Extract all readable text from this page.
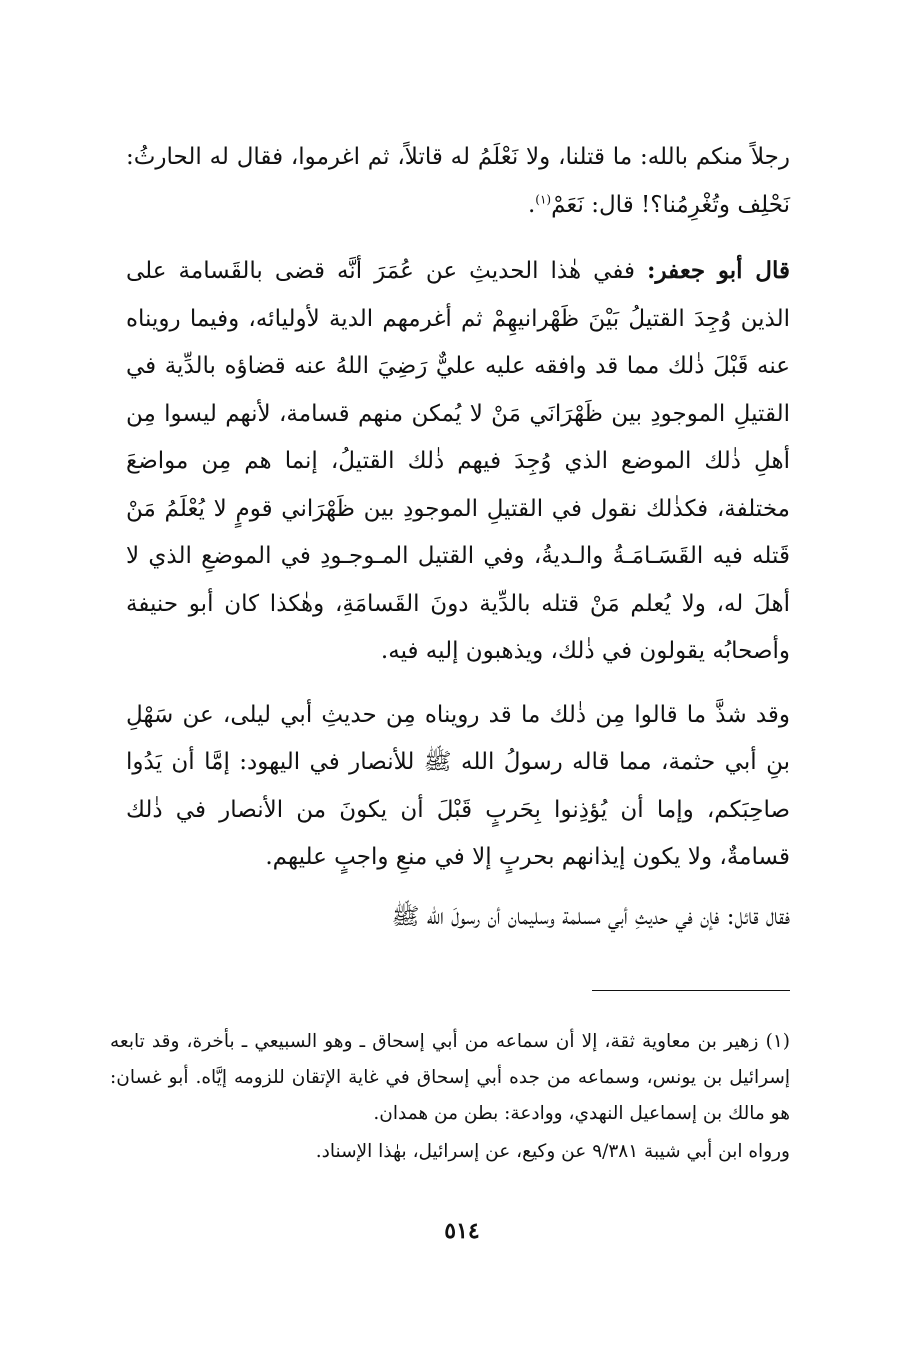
رجلاً منكم بالله: ما قتلنا، ولا نَعْلَمُ له قاتلاً، ثم اغرموا، فقال له الحارثُ: نَحْلِف وتُغْرِمُنا؟! قال: نَعَمْ$^{(١)}$.

قال أبو جعفر: ففي هٰذا الحديثِ عن عُمَرَ أنَّه قضى بالقَسامة على الذين وُجِدَ القتيلُ بَيْنَ ظَهْرانيهِمْ ثم أغرمهم الدية لأوليائه، وفيما رويناه عنه قَبْلَ ذٰلك مما قد وافقه عليه عليٌّ رَضِيَ اللهُ عنه قضاؤه بالدِّية في القتيلِ الموجودِ بين ظَهْرَانَي مَنْ لا يُمكن منهم قسامة، لأنهم ليسوا مِن أهلِ ذٰلك الموضع الذي وُجِدَ فيهم ذٰلك القتيلُ، إنما هم مِن مواضعَ مختلفة، فكذٰلك نقول في القتيلِ الموجودِ بين ظَهْرَاني قومٍ لا يُعْلَمُ مَنْ قَتله فيه القَسَـامَـةُ والـديةُ، وفي القتيل المـوجـودِ في الموضعِ الذي لا أهلَ له، ولا يُعلم مَنْ قتله بالدِّية دونَ القَسامَةِ، وهٰكذا كان أبو حنيفة وأصحابُه يقولون في ذٰلك، ويذهبون إليه فيه.

وقد شذَّ ما قالوا مِن ذٰلك ما قد رويناه مِن حديثِ أبي ليلى، عن سَهْلِ بنِ أبي حثمة، مما قاله رسولُ الله ﷺ للأنصار في اليهود: إمَّا أن يَدُوا صاحِبَكم، وإما أن يُؤذِنوا بِحَربٍ قَبْلَ أن يكونَ من الأنصار في ذٰلك قسامةٌ، ولا يكون إيذانهم بحربٍ إلا في منعِ واجبٍ عليهم.

فقال قائل: فإن في حديثِ أبي مسلمة وسليمان أن رسولَ الله ﷺ

(١) زهير بن معاوية ثقة، إلا أن سماعه من أبي إسحاق ـ وهو السبيعي ـ بأخرة، وقد تابعه إسرائيل بن يونس، وسماعه من جده أبي إسحاق في غاية الإتقان للزومه إيَّاه. أبو غسان: هو مالك بن إسماعيل النهدي، ووادعة: بطن من همدان.

ورواه ابن أبي شيبة ٩/٣٨١ عن وكيع، عن إسرائيل، بهٰذا الإسناد.

٥١٤
